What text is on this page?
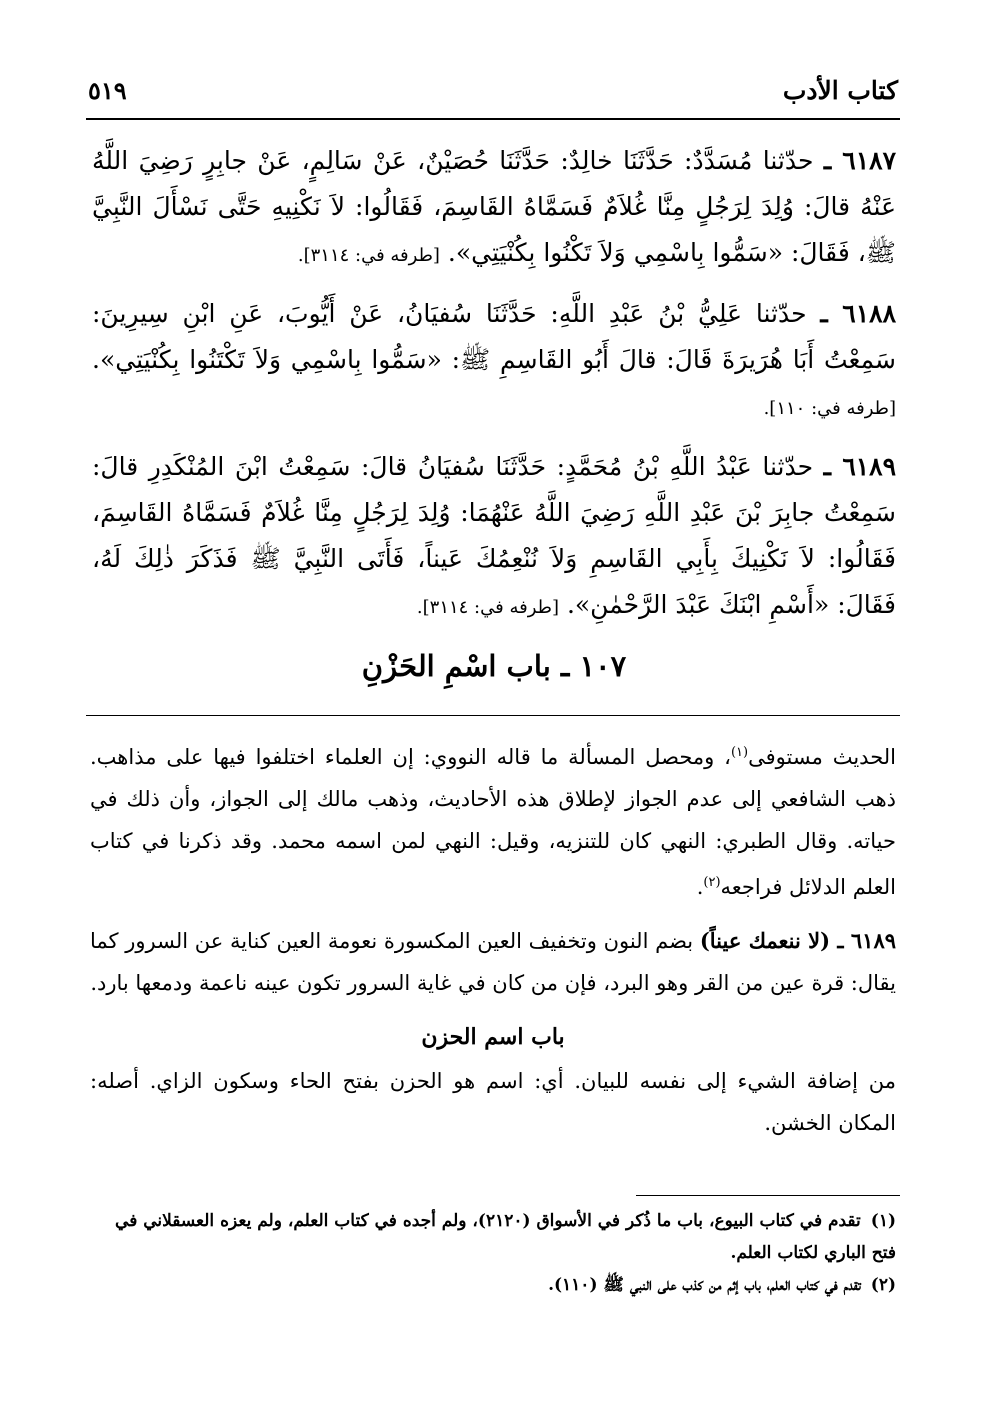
كتاب الأدب
٥١٩

٦١٨٧ ـ حدّثنا مُسَدَّدٌ: حَدَّثَنَا خالِدٌ: حَدَّثَنَا حُصَيْنٌ، عَنْ سَالِمٍ، عَنْ جابِرٍ رَضِيَ اللَّهُ عَنْهُ قالَ: وُلِدَ لِرَجُلٍ مِنَّا غُلاَمٌ فَسَمَّاهُ القَاسِمَ، فَقَالُوا: لاَ نَكْنِيهِ حَتَّى نَسْأَلَ النَّبِيَّ ﷺ، فَقَالَ: «سَمُّوا بِاسْمِي وَلاَ تَكْنُوا بِكُنْيَتِي». [طرفه في: ٣١١٤].

٦١٨٨ ـ حدّثنا عَلِيُّ بْنُ عَبْدِ اللَّهِ: حَدَّثَنَا سُفيَانُ، عَنْ أَيُّوبَ، عَنِ ابْنِ سِيرِينَ: سَمِعْتُ أَبَا هُرَيرَةَ قَالَ: قالَ أَبُو القَاسِمِ ﷺ: «سَمُّوا بِاسْمِي وَلاَ تَكْتَنُوا بِكُنْيَتِي». [طرفه في: ١١٠].

٦١٨٩ ـ حدّثنا عَبْدُ اللَّهِ بْنُ مُحَمَّدٍ: حَدَّثَنَا سُفيَانُ قالَ: سَمِعْتُ ابْنَ المُنْكَدِرِ قالَ: سَمِعْتُ جابِرَ بْنَ عَبْدِ اللَّهِ رَضِيَ اللَّهُ عَنْهُمَا: وُلِدَ لِرَجُلٍ مِنَّا غُلاَمٌ فَسَمَّاهُ القَاسِمَ، فَقَالُوا: لاَ نَكْنِيكَ بِأَبِي القَاسِمِ وَلاَ نُنْعِمُكَ عَيناً، فَأَتَى النَّبِيَّ ﷺ فَذَكَرَ ذٰلِكَ لَهُ، فَقَالَ: «أَسْمِ ابْنَكَ عَبْدَ الرَّحْمٰنِ». [طرفه في: ٣١١٤].

١٠٧ ـ باب اسْمِ الحَزْنِ

الحديث مستوفى$^{(١)}$، ومحصل المسألة ما قاله النووي: إن العلماء اختلفوا فيها على مذاهب. ذهب الشافعي إلى عدم الجواز لإطلاق هذه الأحاديث، وذهب مالك إلى الجواز، وأن ذلك في حياته. وقال الطبري: النهي كان للتنزيه، وقيل: النهي لمن اسمه محمد. وقد ذكرنا في كتاب العلم الدلائل فراجعه$^{(٢)}$.

٦١٨٩ ـ (لا ننعمك عيناً) بضم النون وتخفيف العين المكسورة نعومة العين كناية عن السرور كما يقال: قرة عين من القر وهو البرد، فإن من كان في غاية السرور تكون عينه ناعمة ودمعها بارد.

باب اسم الحزن

من إضافة الشيء إلى نفسه للبيان. أي: اسم هو الحزن بفتح الحاء وسكون الزاي. أصله: المكان الخشن.

(١)تقدم في كتاب البيوع، باب ما ذُكر في الأسواق (٢١٢٠)، ولم أجده في كتاب العلم، ولم يعزه العسقلاني في فتح الباري لكتاب العلم.

(٢)تقدم في كتاب العلم، باب إثم من كذب على النبي ﷺ (١١٠).
